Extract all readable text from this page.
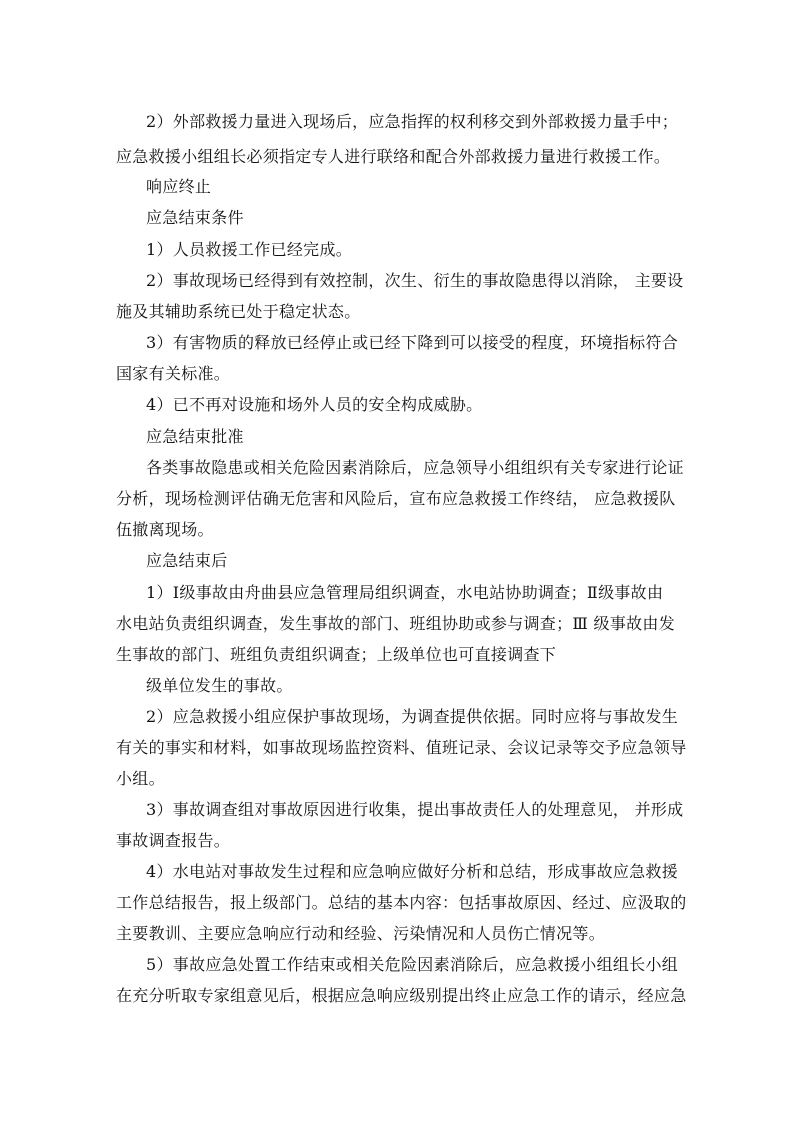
2）外部救援力量进入现场后，应急指挥的权利移交到外部救援力量手中；

应急救援小组组长必须指定专人进行联络和配合外部救援力量进行救援工作。

响应终止

应急结束条件

1）人员救援工作已经完成。

2）事故现场已经得到有效控制，次生、衍生的事故隐患得以消除， 主要设

施及其辅助系统已处于稳定状态。

3）有害物质的释放已经停止或已经下降到可以接受的程度，环境指标符合

国家有关标准。

4）已不再对设施和场外人员的安全构成威胁。

应急结束批准

各类事故隐患或相关危险因素消除后，应急领导小组组织有关专家进行论证

分析，现场检测评估确无危害和风险后，宣布应急救援工作终结， 应急救援队

伍撤离现场。

应急结束后

1）Ⅰ级事故由舟曲县应急管理局组织调查，水电站协助调查；Ⅱ级事故由

水电站负责组织调查，发生事故的部门、班组协助或参与调查；Ⅲ 级事故由发

生事故的部门、班组负责组织调查；上级单位也可直接调查下

级单位发生的事故。

2）应急救援小组应保护事故现场，为调查提供依据。同时应将与事故发生

有关的事实和材料，如事故现场监控资料、值班记录、会议记录等交予应急领导

小组。

3）事故调查组对事故原因进行收集，提出事故责任人的处理意见， 并形成

事故调查报告。

4）水电站对事故发生过程和应急响应做好分析和总结，形成事故应急救援

工作总结报告，报上级部门。总结的基本内容：包括事故原因、经过、应汲取的

主要教训、主要应急响应行动和经验、污染情况和人员伤亡情况等。

5）事故应急处置工作结束或相关危险因素消除后，应急救援小组组长小组

在充分听取专家组意见后，根据应急响应级别提出终止应急工作的请示，经应急
